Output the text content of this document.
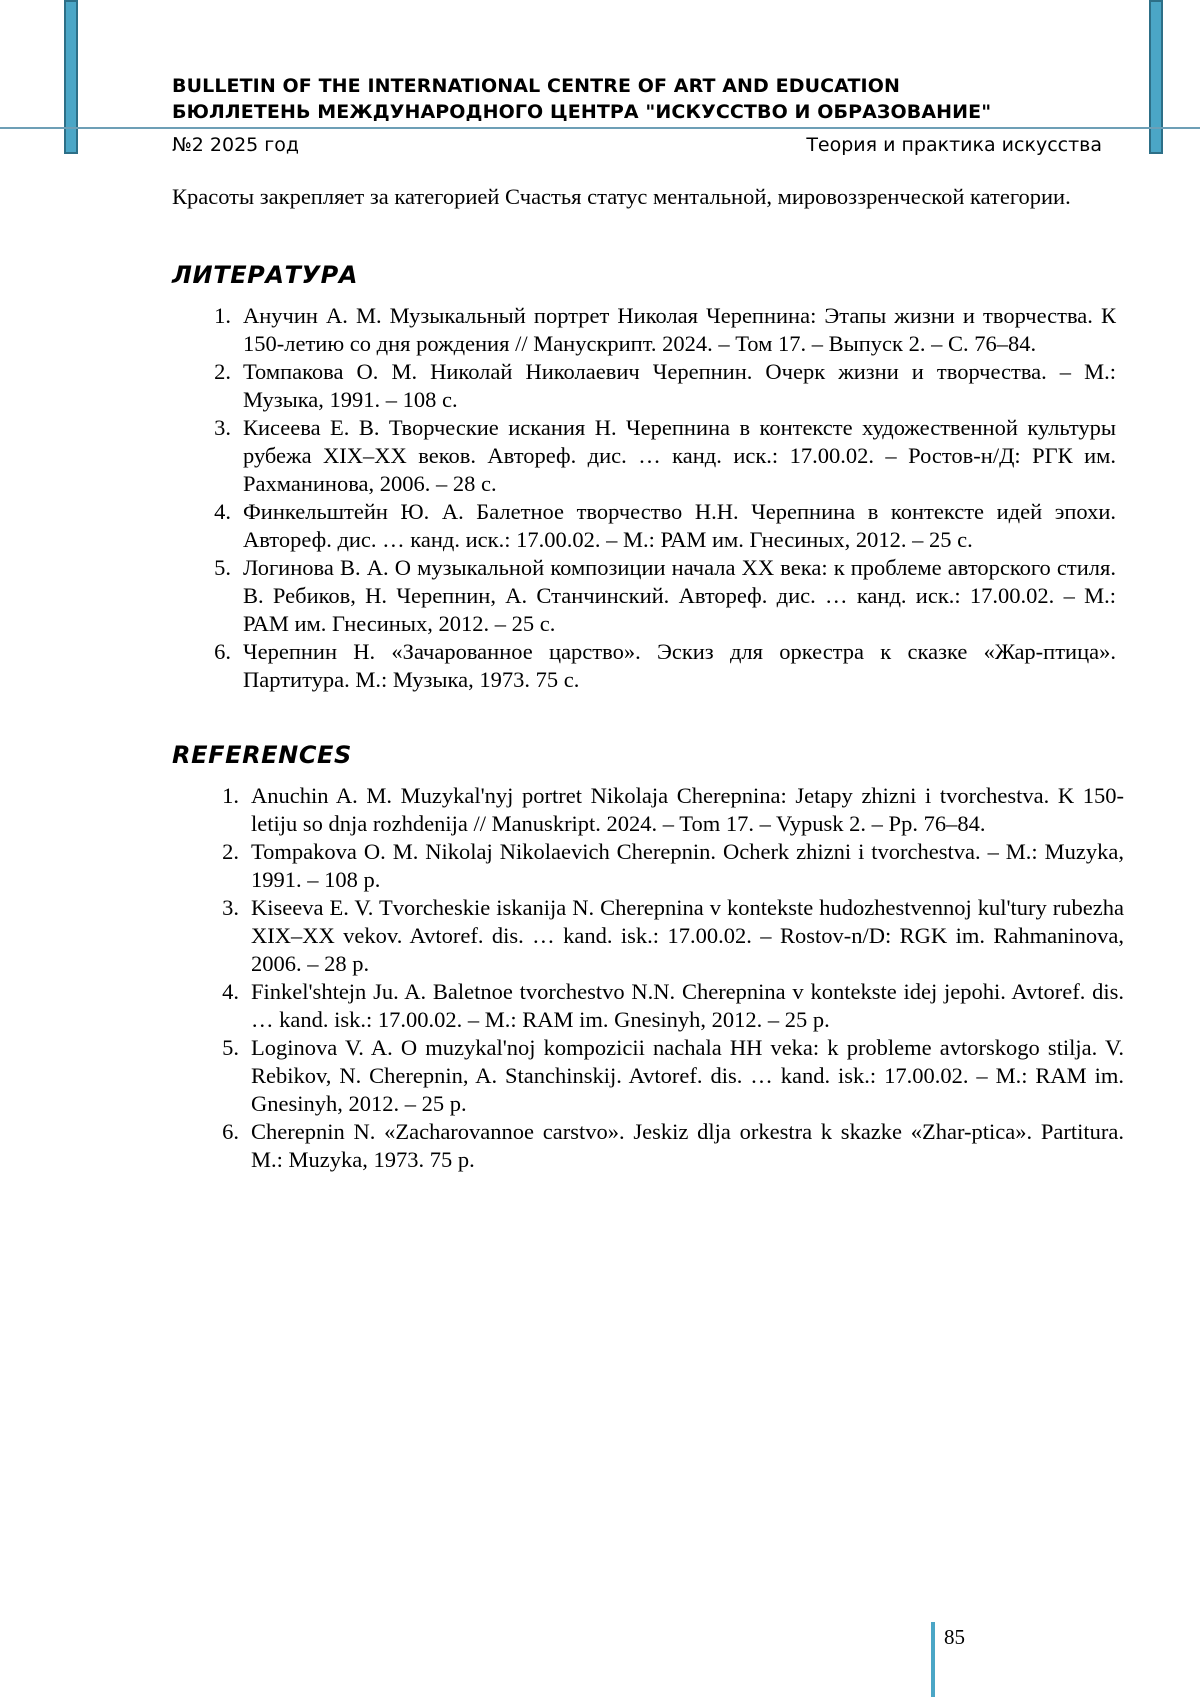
BULLETIN OF THE INTERNATIONAL CENTRE OF ART AND EDUCATION
БЮЛЛЕТЕНЬ МЕЖДУНАРОДНОГО ЦЕНТРА "ИСКУССТВО И ОБРАЗОВАНИЕ"
№2 2025 год	Теория и практика искусства
Красоты закрепляет за категорией Счастья статус ментальной, мировоззренческой категории.
ЛИТЕРАТУРА
1. Анучин А. М. Музыкальный портрет Николая Черепнина: Этапы жизни и творчества. К 150-летию со дня рождения // Манускрипт. 2024. – Том 17. – Выпуск 2. – С. 76–84.
2. Томпакова О. М. Николай Николаевич Черепнин. Очерк жизни и творчества. – М.: Музыка, 1991. – 108 с.
3. Кисеева Е. В. Творческие искания Н. Черепнина в контексте художественной культуры рубежа XIX–XX веков. Автореф. дис. … канд. иск.: 17.00.02. – Ростов-н/Д: РГК им. Рахманинова, 2006. – 28 с.
4. Финкельштейн Ю. А. Балетное творчество Н.Н. Черепнина в контексте идей эпохи. Автореф. дис. … канд. иск.: 17.00.02. – М.: РАМ им. Гнесиных, 2012. – 25 с.
5. Логинова В. А. О музыкальной композиции начала ХХ века: к проблеме авторского стиля. В. Ребиков, Н. Черепнин, А. Станчинский. Автореф. дис. … канд. иск.: 17.00.02. – М.: РАМ им. Гнесиных, 2012. – 25 с.
6. Черепнин Н. «Зачарованное царство». Эскиз для оркестра к сказке «Жар-птица». Партитура. М.: Музыка, 1973. 75 с.
REFERENCES
1. Anuchin A. M. Muzykal'nyj portret Nikolaja Cherepnina: Jetapy zhizni i tvorchestva. K 150-letiju so dnja rozhdenija // Manuskript. 2024. – Tom 17. – Vypusk 2. – Pp. 76–84.
2. Tompakova O. M. Nikolaj Nikolaevich Cherepnin. Ocherk zhizni i tvorchestva. – M.: Muzyka, 1991. – 108 p.
3. Kiseeva E. V. Tvorcheskie iskanija N. Cherepnina v kontekste hudozhestvennoj kul'tury rubezha XIX–XX vekov. Avtoref. dis. … kand. isk.: 17.00.02. – Rostov-n/D: RGK im. Rahmaninova, 2006. – 28 p.
4. Finkel'shtejn Ju. A. Baletnoe tvorchestvo N.N. Cherepnina v kontekste idej jepohi. Avtoref. dis. … kand. isk.: 17.00.02. – M.: RAM im. Gnesinyh, 2012. – 25 p.
5. Loginova V. A. O muzykal'noj kompozicii nachala HH veka: k probleme avtorskogo stilja. V. Rebikov, N. Cherepnin, A. Stanchinskij. Avtoref. dis. … kand. isk.: 17.00.02. – M.: RAM im. Gnesinyh, 2012. – 25 p.
6. Cherepnin N. «Zacharovannoe carstvo». Jeskiz dlja orkestra k skazke «Zhar-ptica». Partitura. M.: Muzyka, 1973. 75 p.
85
